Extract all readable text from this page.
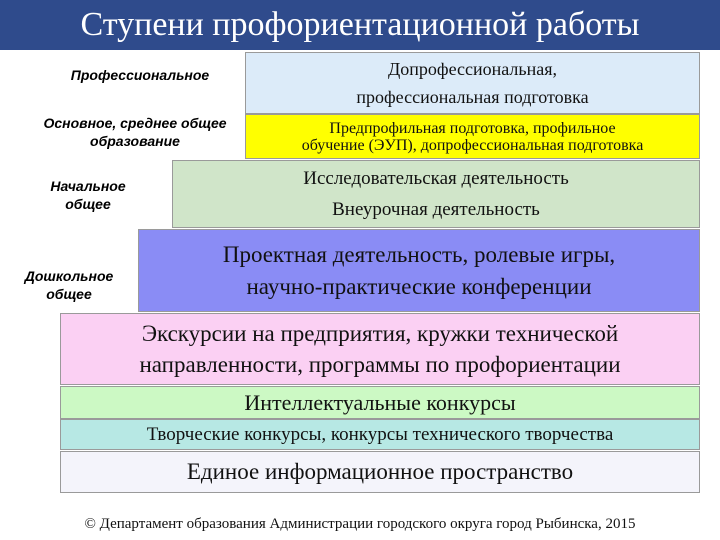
Ступени профориентационной работы
Профессиональное
Основное, среднее общее образование
Начальное общее
Дошкольное общее
Допрофессиональная,
профессиональная подготовка
Предпрофильная подготовка, профильное
обучение (ЭУП), допрофессиональная подготовка
Исследовательская деятельность
Внеурочная деятельность
Проектная деятельность, ролевые игры,
научно-практические конференции
Экскурсии на предприятия, кружки технической
направленности, программы по профориентации
Интеллектуальные конкурсы
Творческие конкурсы, конкурсы технического творчества
Единое информационное пространство
© Департамент образования Администрации городского округа город Рыбинска, 2015
